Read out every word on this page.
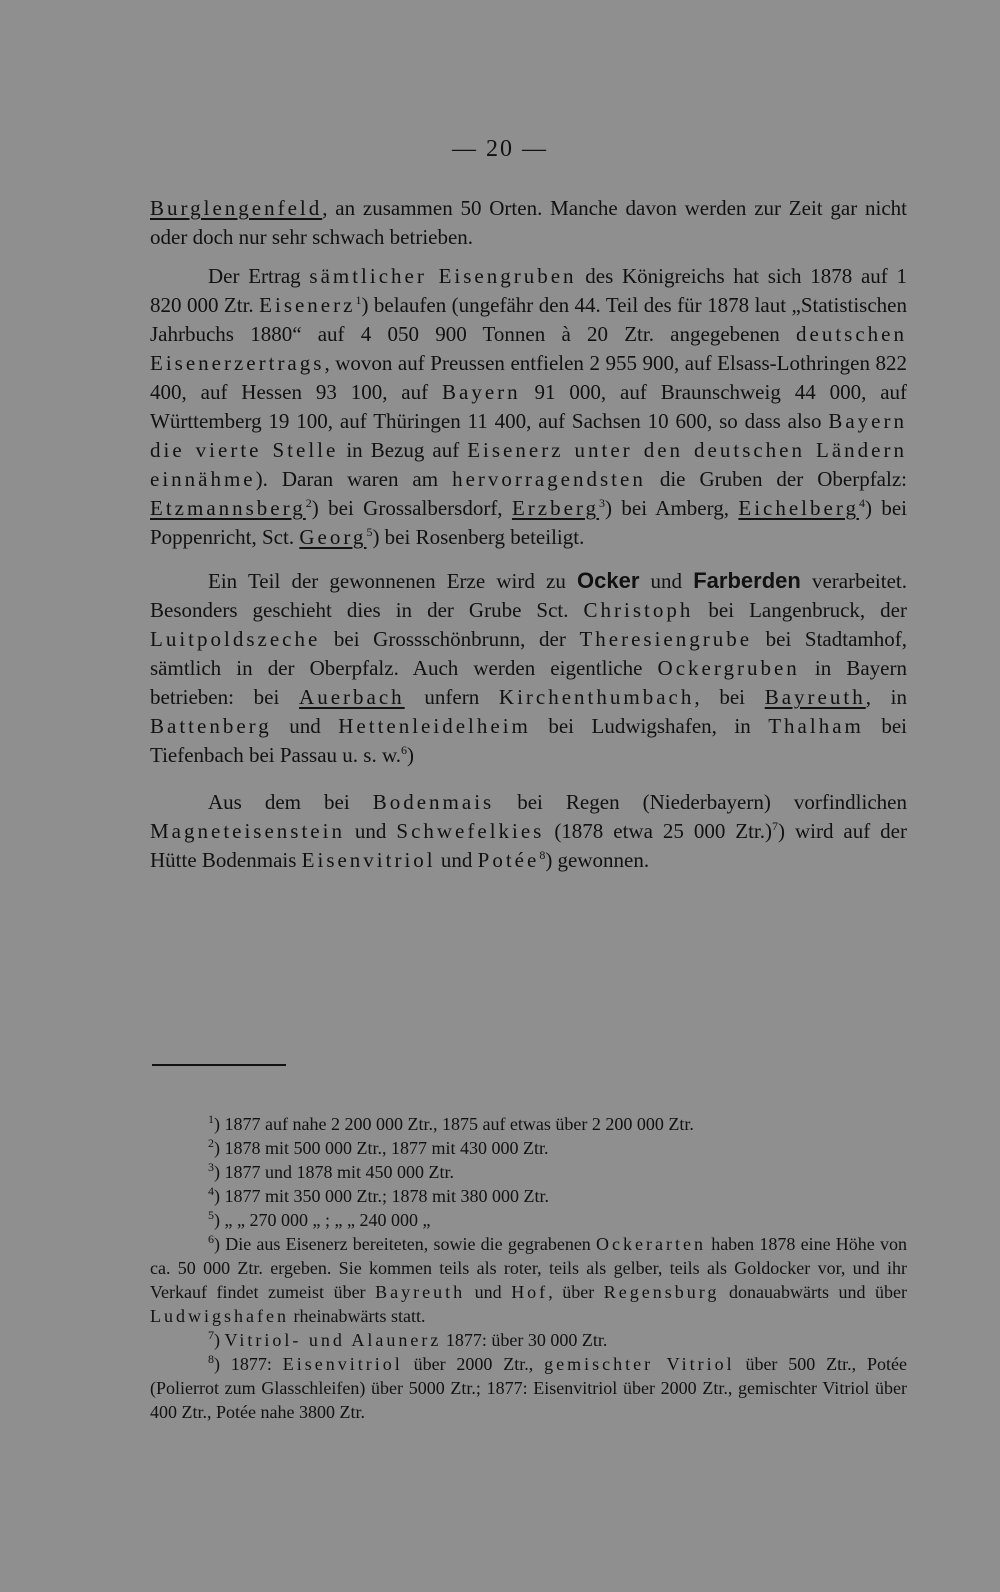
— 20 —

Burglengenfeld, an zusammen 50 Orten. Manche davon werden zur Zeit gar nicht oder doch nur sehr schwach betrieben.

Der Ertrag sämtlicher Eisengruben des Königreichs hat sich 1878 auf 1 820 000 Ztr. Eisenerz$^1$) belaufen (ungefähr den 44. Teil des für 1878 laut „Statistischen Jahrbuchs 1880“ auf 4 050 900 Tonnen à 20 Ztr. angegebenen deutschen Eisenerzertrags, wovon auf Preussen entfielen 2 955 900, auf Elsass-Lothringen 822 400, auf Hessen 93 100, auf Bayern 91 000, auf Braunschweig 44 000, auf Württemberg 19 100, auf Thüringen 11 400, auf Sachsen 10 600, so dass also Bayern die vierte Stelle in Bezug auf Eisenerz unter den deutschen Ländern einnähme). Daran waren am hervorragendsten die Gruben der Oberpfalz: Etzmannsberg$^2$) bei Grossalbersdorf, Erzberg$^3$) bei Amberg, Eichelberg$^4$) bei Poppenricht, Sct. Georg$^5$) bei Rosenberg beteiligt.

Ein Teil der gewonnenen Erze wird zu Ocker und Farberden verarbeitet. Besonders geschieht dies in der Grube Sct. Christoph bei Langenbruck, der Luitpoldszeche bei Grossschönbrunn, der Theresiengrube bei Stadtamhof, sämtlich in der Oberpfalz. Auch werden eigentliche Ockergruben in Bayern betrieben: bei Auerbach unfern Kirchenthumbach, bei Bayreuth, in Battenberg und Hettenleidelheim bei Ludwigshafen, in Thalham bei Tiefenbach bei Passau u. s. w.$^6$)

Aus dem bei Bodenmais bei Regen (Niederbayern) vorfindlichen Magneteisenstein und Schwefelkies (1878 etwa 25 000 Ztr.)$^7$) wird auf der Hütte Bodenmais Eisenvitriol und Potée$^8$) gewonnen.

$^1$) 1877 auf nahe 2 200 000 Ztr., 1875 auf etwas über 2 200 000 Ztr.

$^2$) 1878 mit 500 000 Ztr., 1877 mit 430 000 Ztr.

$^3$) 1877 und 1878 mit 450 000 Ztr.

$^4$) 1877 mit 350 000 Ztr.; 1878 mit 380 000 Ztr.

$^5$) „ „ 270 000 „ ; „ „ 240 000 „

$^6$) Die aus Eisenerz bereiteten, sowie die gegrabenen Ockerarten haben 1878 eine Höhe von ca. 50 000 Ztr. ergeben. Sie kommen teils als roter, teils als gelber, teils als Goldocker vor, und ihr Verkauf findet zumeist über Bayreuth und Hof, über Regensburg donauabwärts und über Ludwigshafen rheinabwärts statt.

$^7$) Vitriol- und Alaunerz 1877: über 30 000 Ztr.

$^8$) 1877: Eisenvitriol über 2000 Ztr., gemischter Vitriol über 500 Ztr., Potée (Polierrot zum Glasschleifen) über 5000 Ztr.; 1877: Eisenvitriol über 2000 Ztr., gemischter Vitriol über 400 Ztr., Potée nahe 3800 Ztr.
